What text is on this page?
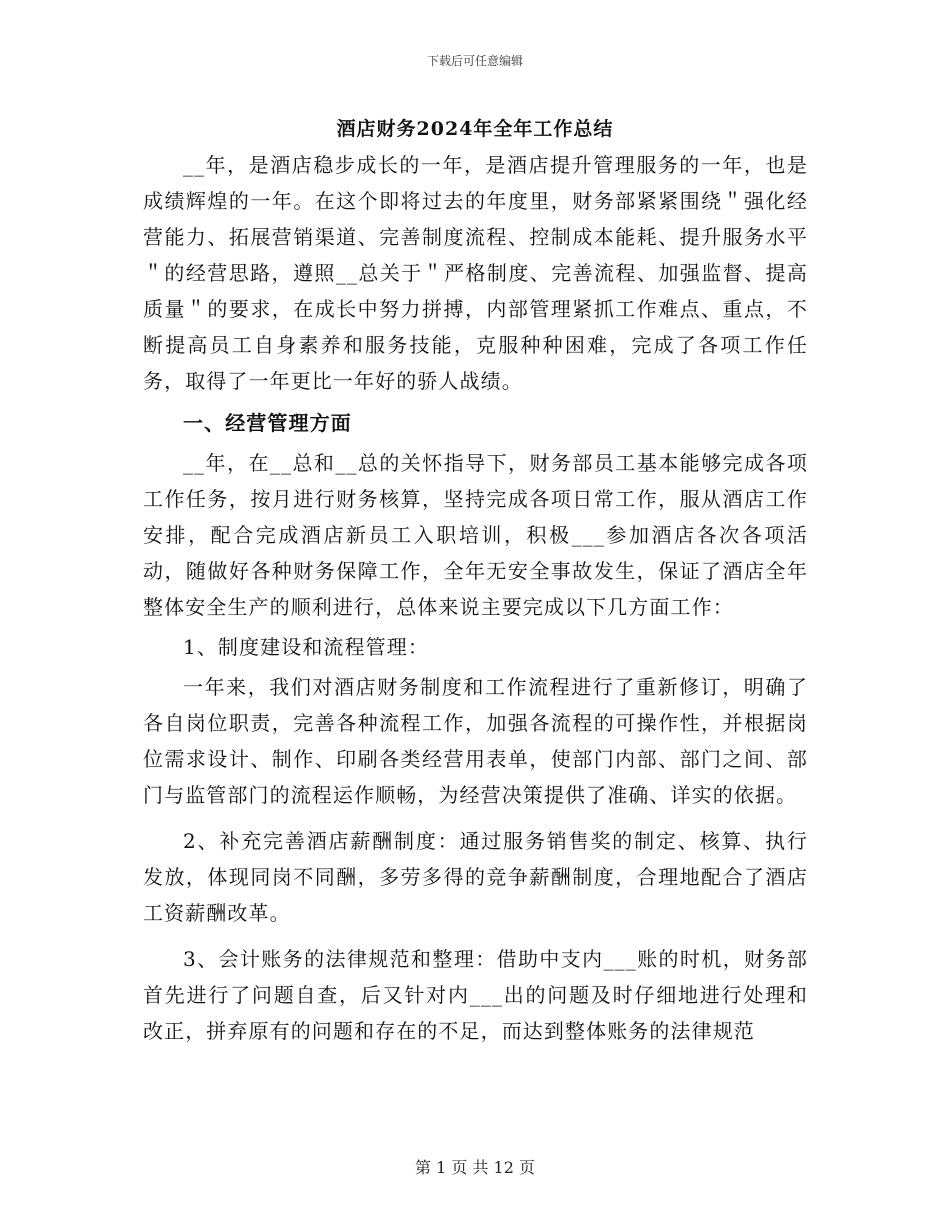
下载后可任意编辑
酒店财务2024年全年工作总结

__年，是酒店稳步成长的一年，是酒店提升管理服务的一年，也是成绩辉煌的一年。在这个即将过去的年度里，财务部紧紧围绕＂强化经营能力、拓展营销渠道、完善制度流程、控制成本能耗、提升服务水平＂的经营思路，遵照__总关于＂严格制度、完善流程、加强监督、提高质量＂的要求，在成长中努力拼搏，内部管理紧抓工作难点、重点，不断提高员工自身素养和服务技能，克服种种困难，完成了各项工作任务，取得了一年更比一年好的骄人战绩。

一、经营管理方面

__年，在__总和__总的关怀指导下，财务部员工基本能够完成各项工作任务，按月进行财务核算，坚持完成各项日常工作，服从酒店工作安排，配合完成酒店新员工入职培训，积极___参加酒店各次各项活动，随做好各种财务保障工作，全年无安全事故发生，保证了酒店全年整体安全生产的顺利进行，总体来说主要完成以下几方面工作：

1、制度建设和流程管理：

一年来，我们对酒店财务制度和工作流程进行了重新修订，明确了各自岗位职责，完善各种流程工作，加强各流程的可操作性，并根据岗位需求设计、制作、印刷各类经营用表单，使部门内部、部门之间、部门与监管部门的流程运作顺畅，为经营决策提供了准确、详实的依据。

2、补充完善酒店薪酬制度：通过服务销售奖的制定、核算、执行发放，体现同岗不同酬，多劳多得的竞争薪酬制度，合理地配合了酒店工资薪酬改革。

3、会计账务的法律规范和整理：借助中支内___账的时机，财务部首先进行了问题自查，后又针对内___出的问题及时仔细地进行处理和改正，拼弃原有的问题和存在的不足，而达到整体账务的法律规范

第 1 页 共 12 页
